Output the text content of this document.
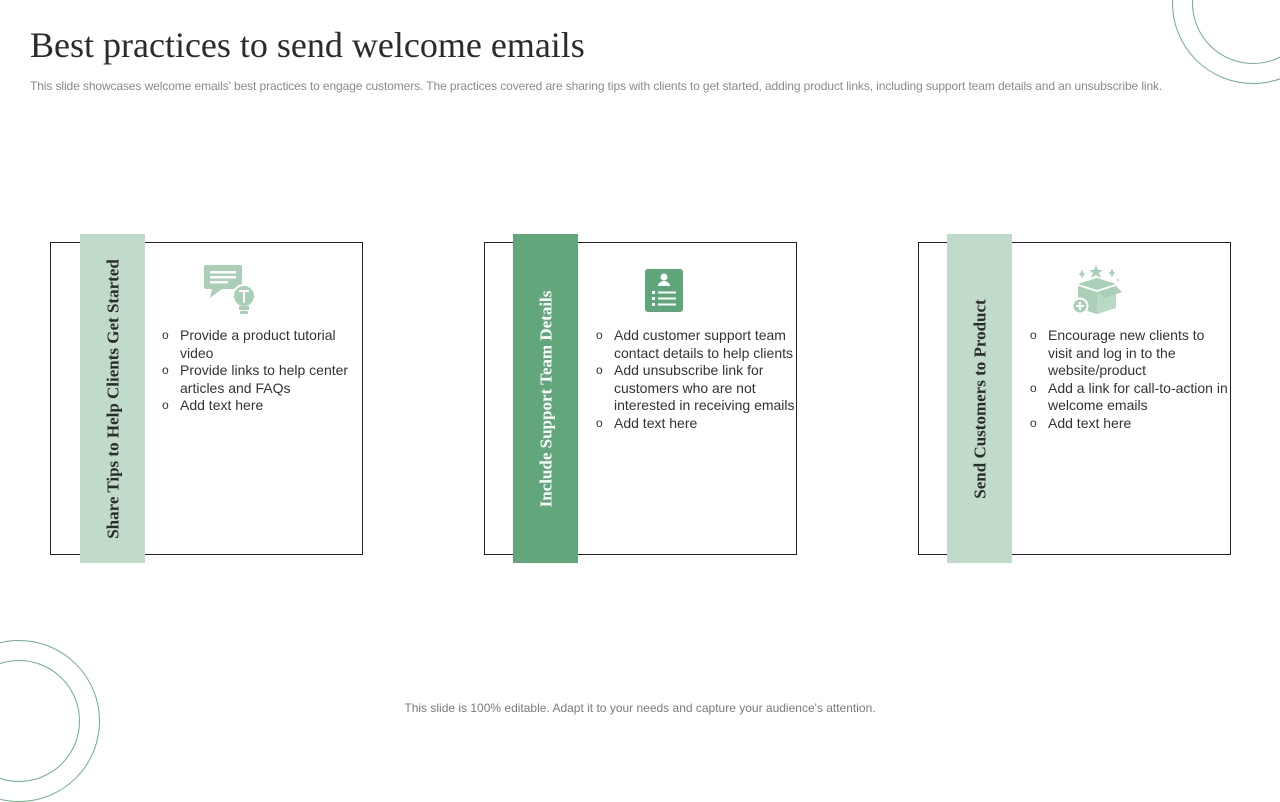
Best practices to send welcome emails
This slide showcases welcome emails' best practices to engage customers. The practices covered are sharing tips with clients to get started, adding product links, including support team details and an unsubscribe link.
Share Tips to Help Clients Get Started	o Provide a product tutorial video
o Provide links to help center articles and FAQs
o Add text here	Include Support Team Details	o Add customer support team contact details to help clients
o Add unsubscribe link for customers who are not interested in receiving emails
o Add text here	Send Customers to Product	o Encourage new clients to visit and log in to the website/product
o Add a link for call-to-action in welcome emails
o Add text here
This slide is 100% editable. Adapt it to your needs and capture your audience's attention.
